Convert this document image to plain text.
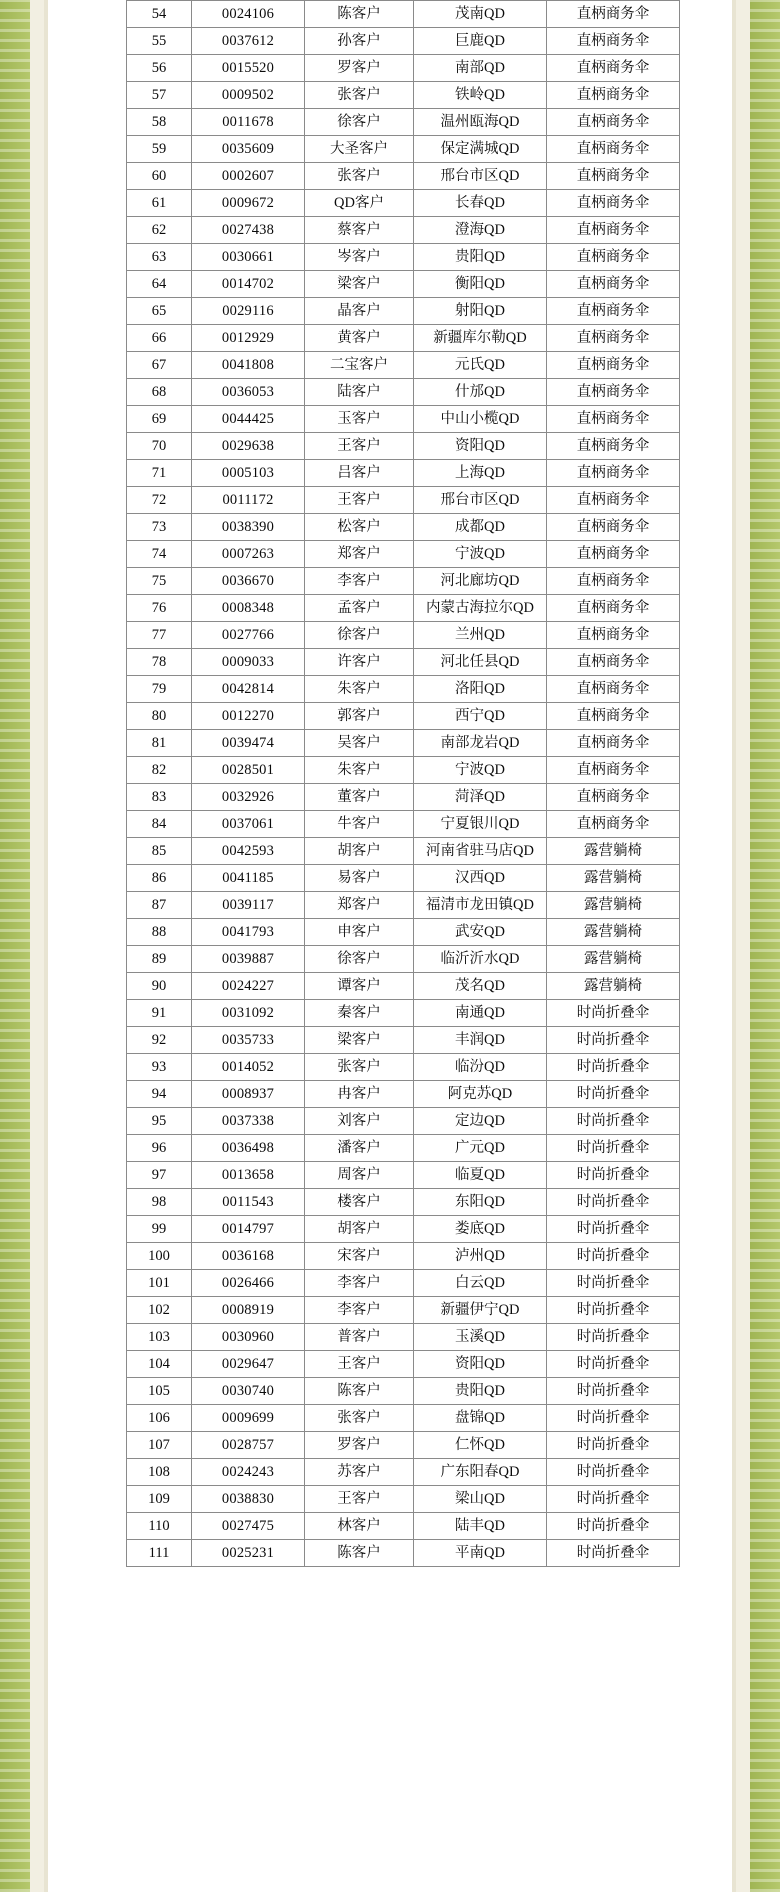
54	0024106	陈客户	茂南QD	直柄商务伞
55	0037612	孙客户	巨鹿QD	直柄商务伞
56	0015520	罗客户	南部QD	直柄商务伞
57	0009502	张客户	铁岭QD	直柄商务伞
58	0011678	徐客户	温州瓯海QD	直柄商务伞
59	0035609	大圣客户	保定满城QD	直柄商务伞
60	0002607	张客户	邢台市区QD	直柄商务伞
61	0009672	QD客户	长春QD	直柄商务伞
62	0027438	蔡客户	澄海QD	直柄商务伞
63	0030661	岑客户	贵阳QD	直柄商务伞
64	0014702	梁客户	衡阳QD	直柄商务伞
65	0029116	晶客户	射阳QD	直柄商务伞
66	0012929	黄客户	新疆库尔勒QD	直柄商务伞
67	0041808	二宝客户	元氏QD	直柄商务伞
68	0036053	陆客户	什邡QD	直柄商务伞
69	0044425	玉客户	中山小榄QD	直柄商务伞
70	0029638	王客户	资阳QD	直柄商务伞
71	0005103	吕客户	上海QD	直柄商务伞
72	0011172	王客户	邢台市区QD	直柄商务伞
73	0038390	松客户	成都QD	直柄商务伞
74	0007263	郑客户	宁波QD	直柄商务伞
75	0036670	李客户	河北廊坊QD	直柄商务伞
76	0008348	孟客户	内蒙古海拉尔QD	直柄商务伞
77	0027766	徐客户	兰州QD	直柄商务伞
78	0009033	许客户	河北任县QD	直柄商务伞
79	0042814	朱客户	洛阳QD	直柄商务伞
80	0012270	郭客户	西宁QD	直柄商务伞
81	0039474	吴客户	南部龙岩QD	直柄商务伞
82	0028501	朱客户	宁波QD	直柄商务伞
83	0032926	董客户	菏泽QD	直柄商务伞
84	0037061	牛客户	宁夏银川QD	直柄商务伞
85	0042593	胡客户	河南省驻马店QD	露营躺椅
86	0041185	易客户	汉西QD	露营躺椅
87	0039117	郑客户	福清市龙田镇QD	露营躺椅
88	0041793	申客户	武安QD	露营躺椅
89	0039887	徐客户	临沂沂水QD	露营躺椅
90	0024227	谭客户	茂名QD	露营躺椅
91	0031092	秦客户	南通QD	时尚折叠伞
92	0035733	梁客户	丰润QD	时尚折叠伞
93	0014052	张客户	临汾QD	时尚折叠伞
94	0008937	冉客户	阿克苏QD	时尚折叠伞
95	0037338	刘客户	定边QD	时尚折叠伞
96	0036498	潘客户	广元QD	时尚折叠伞
97	0013658	周客户	临夏QD	时尚折叠伞
98	0011543	楼客户	东阳QD	时尚折叠伞
99	0014797	胡客户	娄底QD	时尚折叠伞
100	0036168	宋客户	泸州QD	时尚折叠伞
101	0026466	李客户	白云QD	时尚折叠伞
102	0008919	李客户	新疆伊宁QD	时尚折叠伞
103	0030960	普客户	玉溪QD	时尚折叠伞
104	0029647	王客户	资阳QD	时尚折叠伞
105	0030740	陈客户	贵阳QD	时尚折叠伞
106	0009699	张客户	盘锦QD	时尚折叠伞
107	0028757	罗客户	仁怀QD	时尚折叠伞
108	0024243	苏客户	广东阳春QD	时尚折叠伞
109	0038830	王客户	梁山QD	时尚折叠伞
110	0027475	林客户	陆丰QD	时尚折叠伞
111	0025231	陈客户	平南QD	时尚折叠伞
